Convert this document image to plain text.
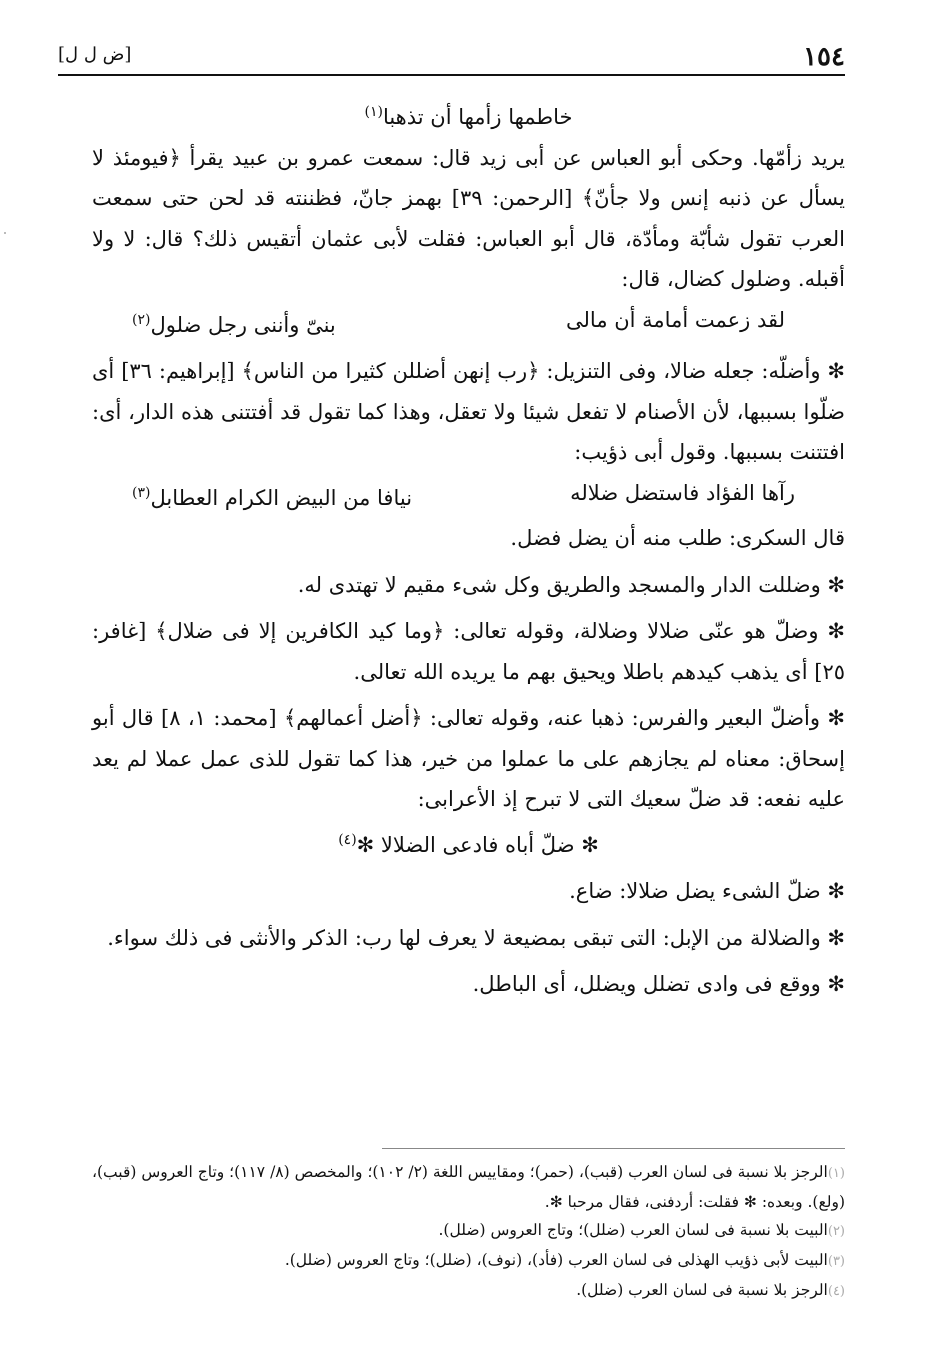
١٥٤
[ض ل ل]

خاطمها زأمها أن تذهبا$^{(١)}$

يريد زأمّها. وحكى أبو العباس عن أبى زيد قال: سمعت عمرو بن عبيد يقرأ ﴿فيومئذ لا يسأل عن ذنبه إنس ولا جأنّ﴾ [الرحمن: ٣٩] بهمز جانّ، فظننته قد لحن حتى سمعت العرب تقول شأبّة ومأدّة، قال أبو العباس: فقلت لأبى عثمان أتقيس ذلك؟ قال: لا ولا أقبله. وضلول كضال، قال:

لقد زعمت أمامة أن مالى
بنىّ وأننى رجل ضلول$^{(٢)}$

✻ وأضلّه: جعله ضالا، وفى التنزيل: ﴿رب إنهن أضللن كثيرا من الناس﴾ [إبراهيم: ٣٦] أى ضلّوا بسببها، لأن الأصنام لا تفعل شيئا ولا تعقل، وهذا كما تقول قد أفتتنى هذه الدار، أى: افتتنت بسببها. وقول أبى ذؤيب:

رآها الفؤاد فاستضل ضلاله
نيافا من البيض الكرام العطابل$^{(٣)}$

قال السكرى: طلب منه أن يضل فضل.

✻ وضللت الدار والمسجد والطريق وكل شىء مقيم لا تهتدى له.

✻ وضلّ هو عنّى ضلالا وضلالة، وقوله تعالى: ﴿وما كيد الكافرين إلا فى ضلال﴾ [غافر: ٢٥] أى يذهب كيدهم باطلا ويحيق بهم ما يريده الله تعالى.

✻ وأضلّ البعير والفرس: ذهبا عنه، وقوله تعالى: ﴿أضل أعمالهم﴾ [محمد: ١، ٨] قال أبو إسحاق: معناه لم يجازهم على ما عملوا من خير، هذا كما تقول للذى عمل عملا لم يعد عليه نفعه: قد ضلّ سعيك التى لا تبرح إذ الأعرابى:

✻ ضلّ أباه فادعى الضلالا ✻$^{(٤)}$

✻ ضلّ الشىء يضل ضلالا: ضاع.

✻ والضلالة من الإبل: التى تبقى بمضيعة لا يعرف لها رب: الذكر والأنثى فى ذلك سواء.

✻ ووقع فى وادى تضلل ويضلل، أى الباطل.

(١)الرجز بلا نسبة فى لسان العرب (قبب)، (حمر)؛ ومقاييس اللغة (٢/ ١٠٢)؛ والمخصص (٨/ ١١٧)؛ وتاج العروس (قبب)، (ولع). وبعده: ✻ فقلت: أردفنى، فقال مرحبا ✻.

(٢)البيت بلا نسبة فى لسان العرب (ضلل)؛ وتاج العروس (ضلل).

(٣)البيت لأبى ذؤيب الهذلى فى لسان العرب (فأد)، (نوف)، (ضلل)؛ وتاج العروس (ضلل).

(٤)الرجز بلا نسبة فى لسان العرب (ضلل).
